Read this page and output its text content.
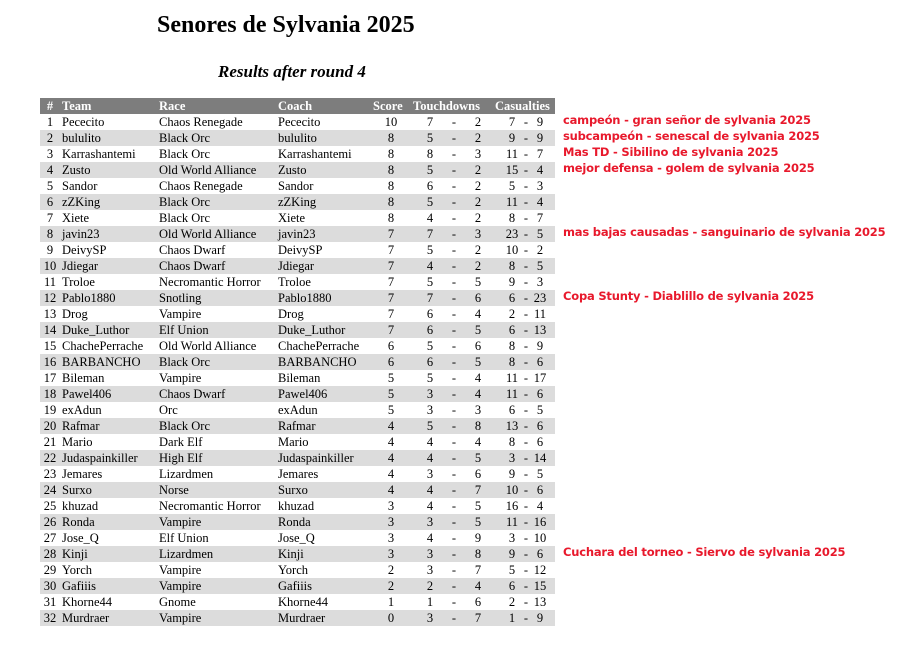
Senores de Sylvania 2025
Results after round 4
#	Team	Race	Coach	Score	Touchdowns	Casualties
1	Pececito	Chaos Renegade	Pececito	10	7 - 2	7 - 9

2	bululito	Black Orc	bululito	8	5 - 2	9 - 9

3	Karrashantemi	Black Orc	Karrashantemi	8	8 - 3	11 - 7

4	Zusto	Old World Alliance	Zusto	8	5 - 2	15 - 4

5	Sandor	Chaos Renegade	Sandor	8	6 - 2	5 - 3

6	zZKing	Black Orc	zZKing	8	5 - 2	11 - 4

7	Xiete	Black Orc	Xiete	8	4 - 2	8 - 7

8	javin23	Old World Alliance	javin23	7	7 - 3	23 - 5

9	DeivySP	Chaos Dwarf	DeivySP	7	5 - 2	10 - 2

10	Jdiegar	Chaos Dwarf	Jdiegar	7	4 - 2	8 - 5

11	Troloe	Necromantic Horror	Troloe	7	5 - 5	9 - 3

12	Pablo1880	Snotling	Pablo1880	7	7 - 6	6 - 23

13	Drog	Vampire	Drog	7	6 - 4	2 - 11

14	Duke_Luthor	Elf Union	Duke_Luthor	7	6 - 5	6 - 13

15	ChachePerrache	Old World Alliance	ChachePerrache	6	5 - 6	8 - 9

16	BARBANCHO	Black Orc	BARBANCHO	6	6 - 5	8 - 6

17	Bileman	Vampire	Bileman	5	5 - 4	11 - 17

18	Pawel406	Chaos Dwarf	Pawel406	5	3 - 4	11 - 6

19	exAdun	Orc	exAdun	5	3 - 3	6 - 5

20	Rafmar	Black Orc	Rafmar	4	5 - 8	13 - 6

21	Mario	Dark Elf	Mario	4	4 - 4	8 - 6

22	Judaspainkiller	High Elf	Judaspainkiller	4	4 - 5	3 - 14

23	Jemares	Lizardmen	Jemares	4	3 - 6	9 - 5

24	Surxo	Norse	Surxo	4	4 - 7	10 - 6

25	khuzad	Necromantic Horror	khuzad	3	4 - 5	16 - 4

26	Ronda	Vampire	Ronda	3	3 - 5	11 - 16

27	Jose_Q	Elf Union	Jose_Q	3	4 - 9	3 - 10

28	Kinji	Lizardmen	Kinji	3	3 - 8	9 - 6

29	Yorch	Vampire	Yorch	2	3 - 7	5 - 12

30	Gafiiis	Vampire	Gafiiis	2	2 - 4	6 - 15

31	Khorne44	Gnome	Khorne44	1	1 - 6	2 - 13

32	Murdraer	Vampire	Murdraer	0	3 - 7	1 - 9
campeón - gran señor de sylvania 2025
subcampeón - senescal de sylvania 2025
Mas TD - Sibilino de sylvania 2025
mejor defensa - golem de sylvania 2025
mas bajas causadas - sanguinario de sylvania 2025
Copa Stunty - Diablillo de sylvania 2025
Cuchara del torneo - Siervo de sylvania 2025
